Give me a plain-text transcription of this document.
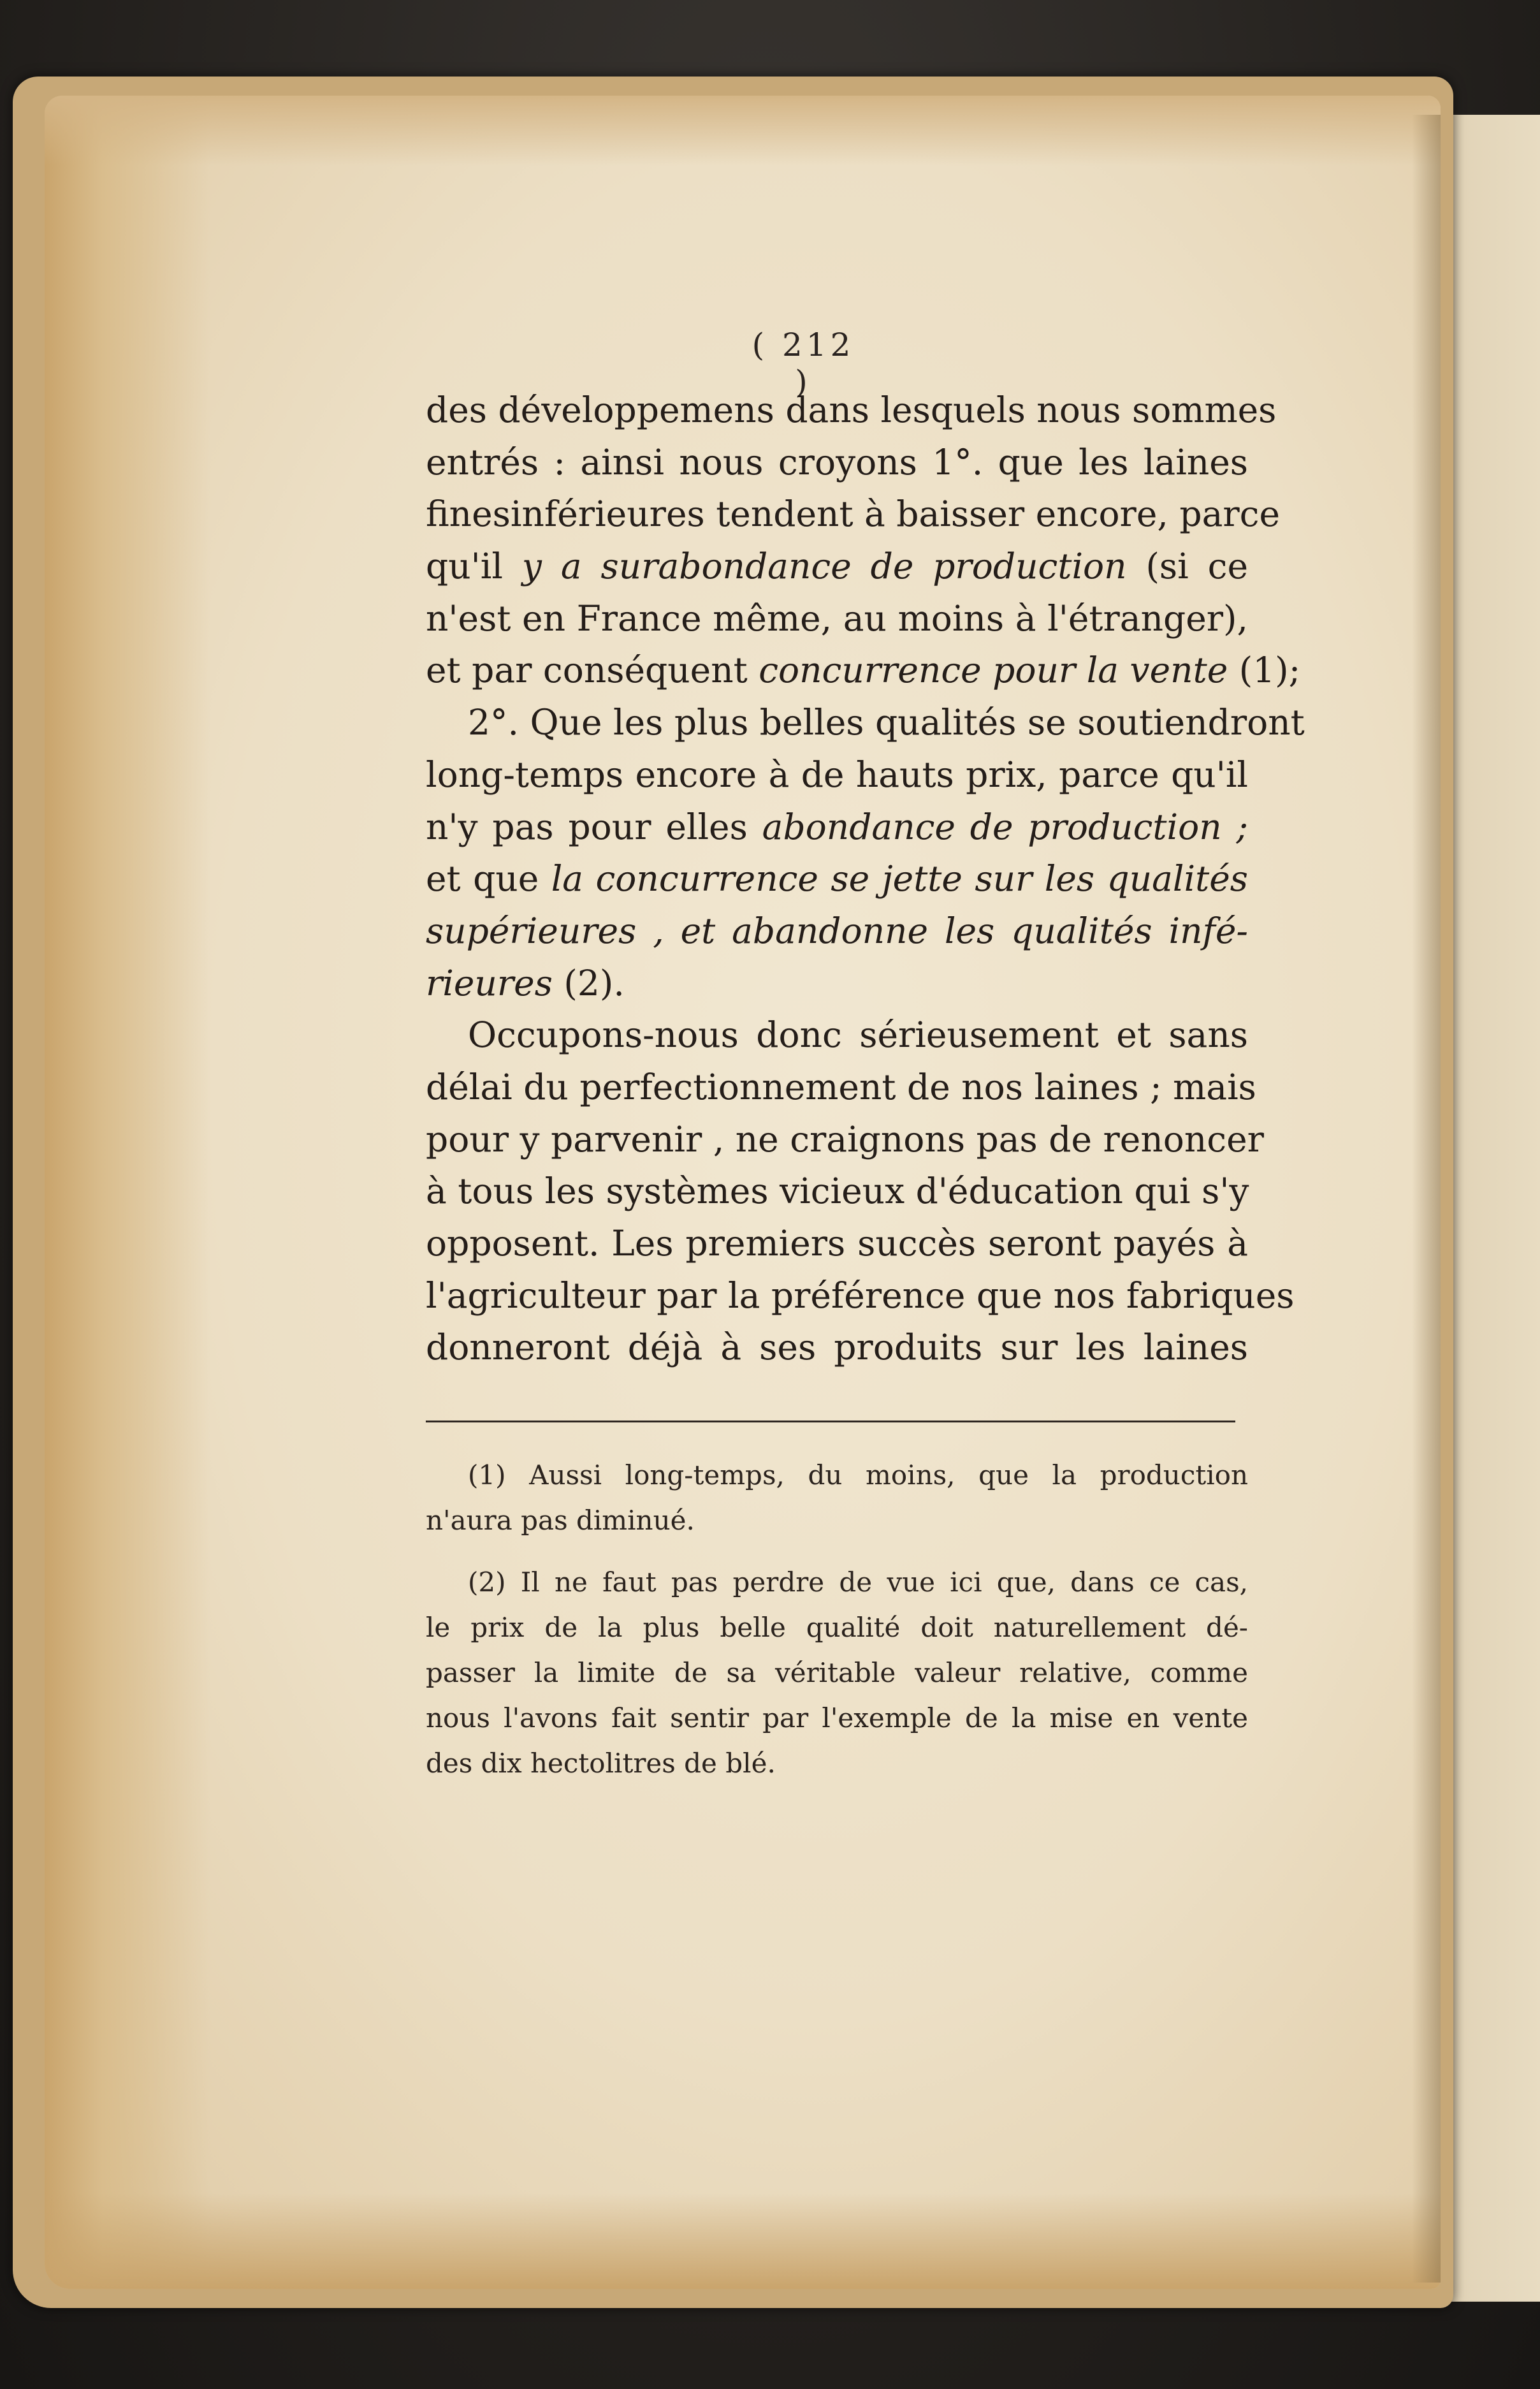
( 212 )
des développemens dans lesquels nous sommes
entrés : ainsi nous croyons 1°. que les laines
finesinférieures tendent à baisser encore, parce
qu'il y a surabondance de production (si ce
n'est en France même, au moins à l'étranger),
et par conséquent concurrence pour la vente (1);
2°. Que les plus belles qualités se soutiendront
long-temps encore à de hauts prix, parce qu'il
n'y pas pour elles abondance de production ;
et que la concurrence se jette sur les qualités
supérieures , et abandonne les qualités infé-
rieures (2).
Occupons-nous donc sérieusement et sans
délai du perfectionnement de nos laines ; mais
pour y parvenir , ne craignons pas de renoncer
à tous les systèmes vicieux d'éducation qui s'y
opposent. Les premiers succès seront payés à
l'agriculteur par la préférence que nos fabriques
donneront déjà à ses produits sur les laines
(1) Aussi long-temps, du moins, que la production
n'aura pas diminué.
(2) Il ne faut pas perdre de vue ici que, dans ce cas,
le prix de la plus belle qualité doit naturellement dé-
passer la limite de sa véritable valeur relative, comme
nous l'avons fait sentir par l'exemple de la mise en vente
des dix hectolitres de blé.
